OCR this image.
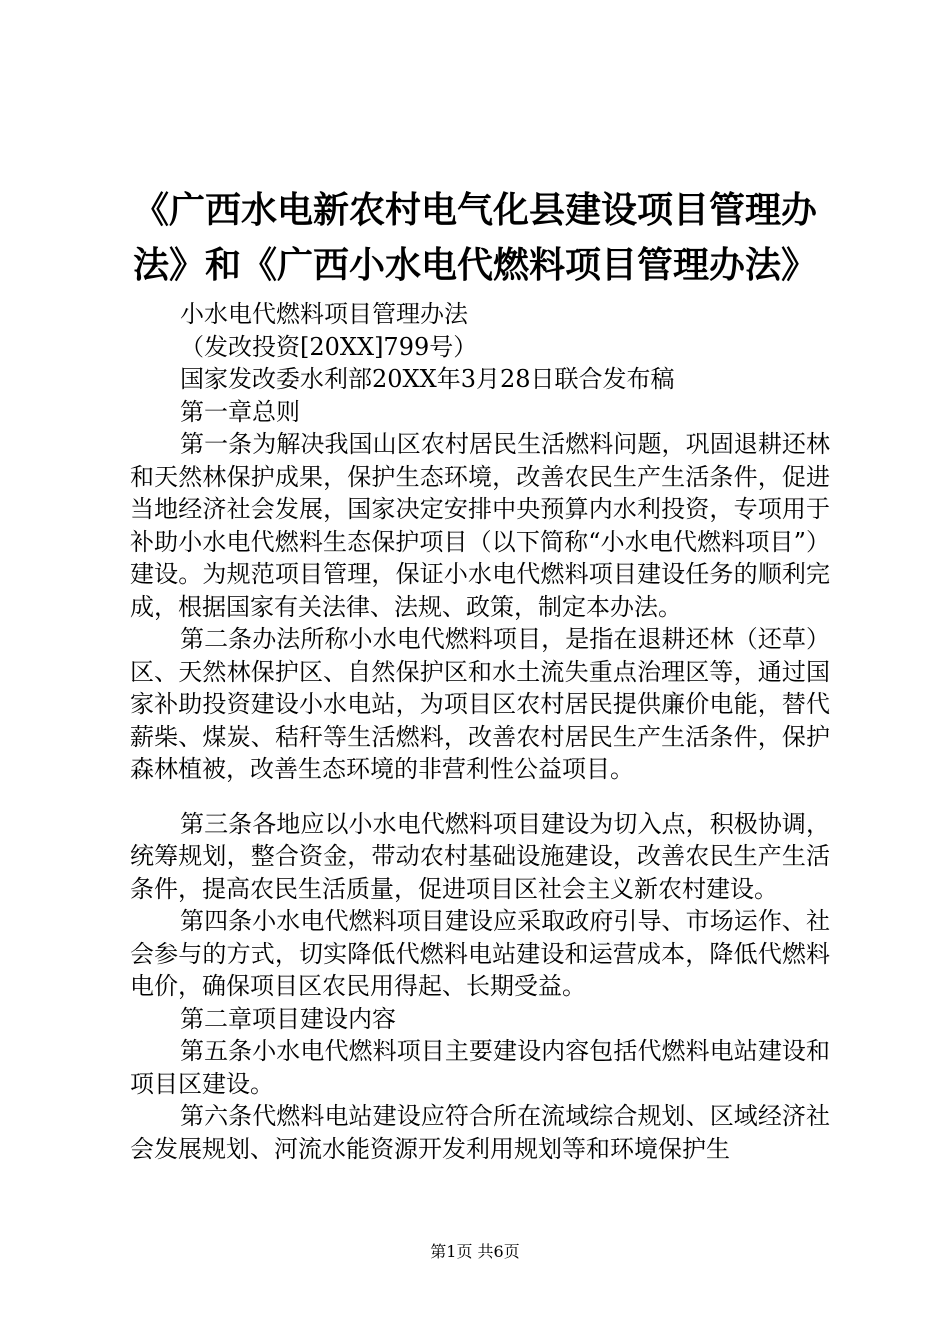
《广西水电新农村电气化县建设项目管理办
法》和《广西小水电代燃料项目管理办法》

小水电代燃料项目管理办法

（发改投资[20XX]799号）

国家发改委水利部20XX年3月28日联合发布稿

第一章总则

第一条为解决我国山区农村居民生活燃料问题，巩固退耕还林和天然林保护成果，保护生态环境，改善农民生产生活条件，促进当地经济社会发展，国家决定安排中央预算内水利投资，专项用于补助小水电代燃料生态保护项目（以下简称“小水电代燃料项目”）建设。为规范项目管理，保证小水电代燃料项目建设任务的顺利完成，根据国家有关法律、法规、政策，制定本办法。

第二条办法所称小水电代燃料项目，是指在退耕还林（还草）区、天然林保护区、自然保护区和水土流失重点治理区等，通过国家补助投资建设小水电站，为项目区农村居民提供廉价电能，替代薪柴、煤炭、秸秆等生活燃料，改善农村居民生产生活条件，保护森林植被，改善生态环境的非营利性公益项目。

第三条各地应以小水电代燃料项目建设为切入点，积极协调，统筹规划，整合资金，带动农村基础设施建设，改善农民生产生活条件，提高农民生活质量，促进项目区社会主义新农村建设。

第四条小水电代燃料项目建设应采取政府引导、市场运作、社会参与的方式，切实降低代燃料电站建设和运营成本，降低代燃料电价，确保项目区农民用得起、长期受益。

第二章项目建设内容

第五条小水电代燃料项目主要建设内容包括代燃料电站建设和项目区建设。

第六条代燃料电站建设应符合所在流域综合规划、区域经济社会发展规划、河流水能资源开发利用规划等和环境保护生

第1页 共6页
